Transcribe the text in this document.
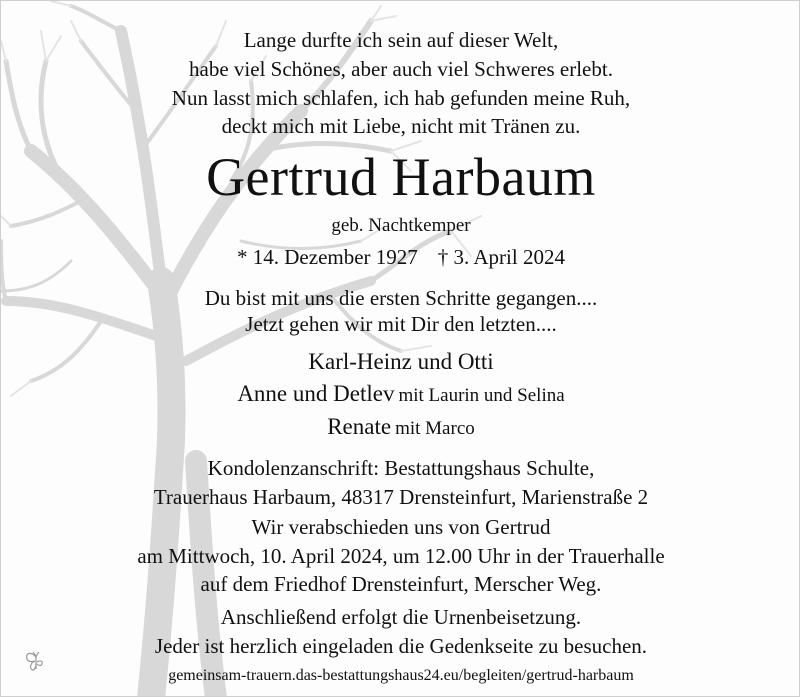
Lange durfte ich sein auf dieser Welt,
habe viel Schönes, aber auch viel Schweres erlebt.
Nun lasst mich schlafen, ich hab gefunden meine Ruh,
deckt mich mit Liebe, nicht mit Tränen zu.
Gertrud Harbaum
geb. Nachtkemper
* 14. Dezember 1927 † 3. April 2024
Du bist mit uns die ersten Schritte gegangen....
Jetzt gehen wir mit Dir den letzten....
Karl-Heinz und Otti
Anne und Detlev mit Laurin und Selina
Renate mit Marco
Kondolenzanschrift: Bestattungshaus Schulte,
Trauerhaus Harbaum, 48317 Drensteinfurt, Marienstraße 2
Wir verabschieden uns von Gertrud
am Mittwoch, 10. April 2024, um 12.00 Uhr in der Trauerhalle
auf dem Friedhof Drensteinfurt, Merscher Weg.
Anschließend erfolgt die Urnenbeisetzung.
Jeder ist herzlich eingeladen die Gedenkseite zu besuchen.
gemeinsam-trauern.das-bestattungshaus24.eu/begleiten/gertrud-harbaum
